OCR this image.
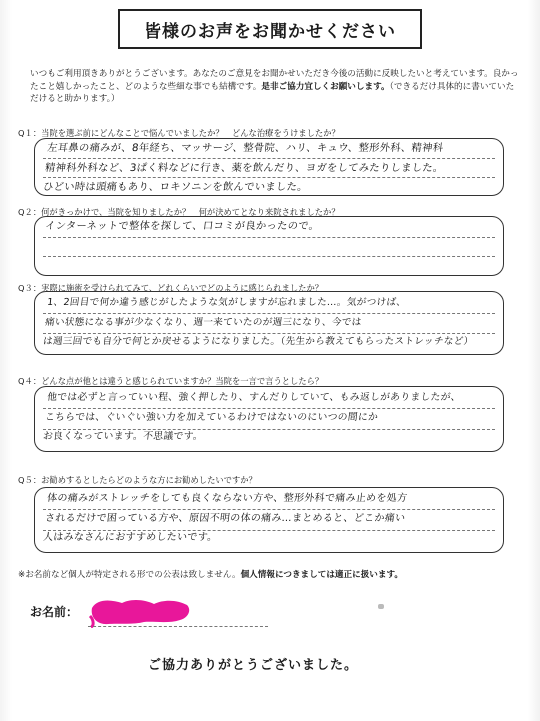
皆様のお声をお聞かせください
いつもご利用頂きありがとうございます。あなたのご意見をお聞かせいただき今後の活動に反映したいと考えています。良かったこと嬉しかったこと、どのような些細な事でも結構です。是非ご協力宜しくお願いします。（できるだけ具体的に書いていただけると助かります。）
Q１：当院を選ぶ前にどんなことで悩んでいましたか？　どんな治療をうけましたか？
左耳鼻の痛みが、8年経ち、マッサージ、整骨院、ハリ、キュウ、整形外科、精神科
精神科外科など、3ぱく料などに行き、薬を飲んだり、ヨガをしてみたりしました。
ひどい時は頭痛もあり、ロキソニンを飲んでいました。
Q２：何がきっかけで、当院を知りましたか？　何が決めてとなり来院されましたか？
インターネットで整体を探して、口コミが良かったので。
Q３：実際に施術を受けられてみて、どれくらいでどのように感じられましたか？
1、2回目で何か違う感じがしたような気がしますが忘れました…。気がつけば、
痛い状態になる事が少なくなり、週一来ていたのが週三になり、今では
は週三回でも自分で何とか戻せるようになりました。（先生から教えてもらったストレッチなど）
Q４：どんな点が他とは違うと感じられていますか？当院を一言で言うとしたら？
他では必ずと言っていい程、強く押したり、すんだりしていて、もみ返しがありましたが、
こちらでは、ぐいぐい強い力を加えているわけではないのにいつの間にか
お良くなっています。不思議です。
Q５：お勧めするとしたらどのような方にお勧めしたいですか？
体の痛みがストレッチをしても良くならない方や、整形外科で痛み止めを処方
されるだけで困っている方や、原因不明の体の痛み…まとめると、どこか痛い
人はみなさんにおすすめしたいです。
※お名前など個人が特定される形での公表は致しません。個人情報につきましては適正に扱います。
お名前：
ご協力ありがとうございました。
